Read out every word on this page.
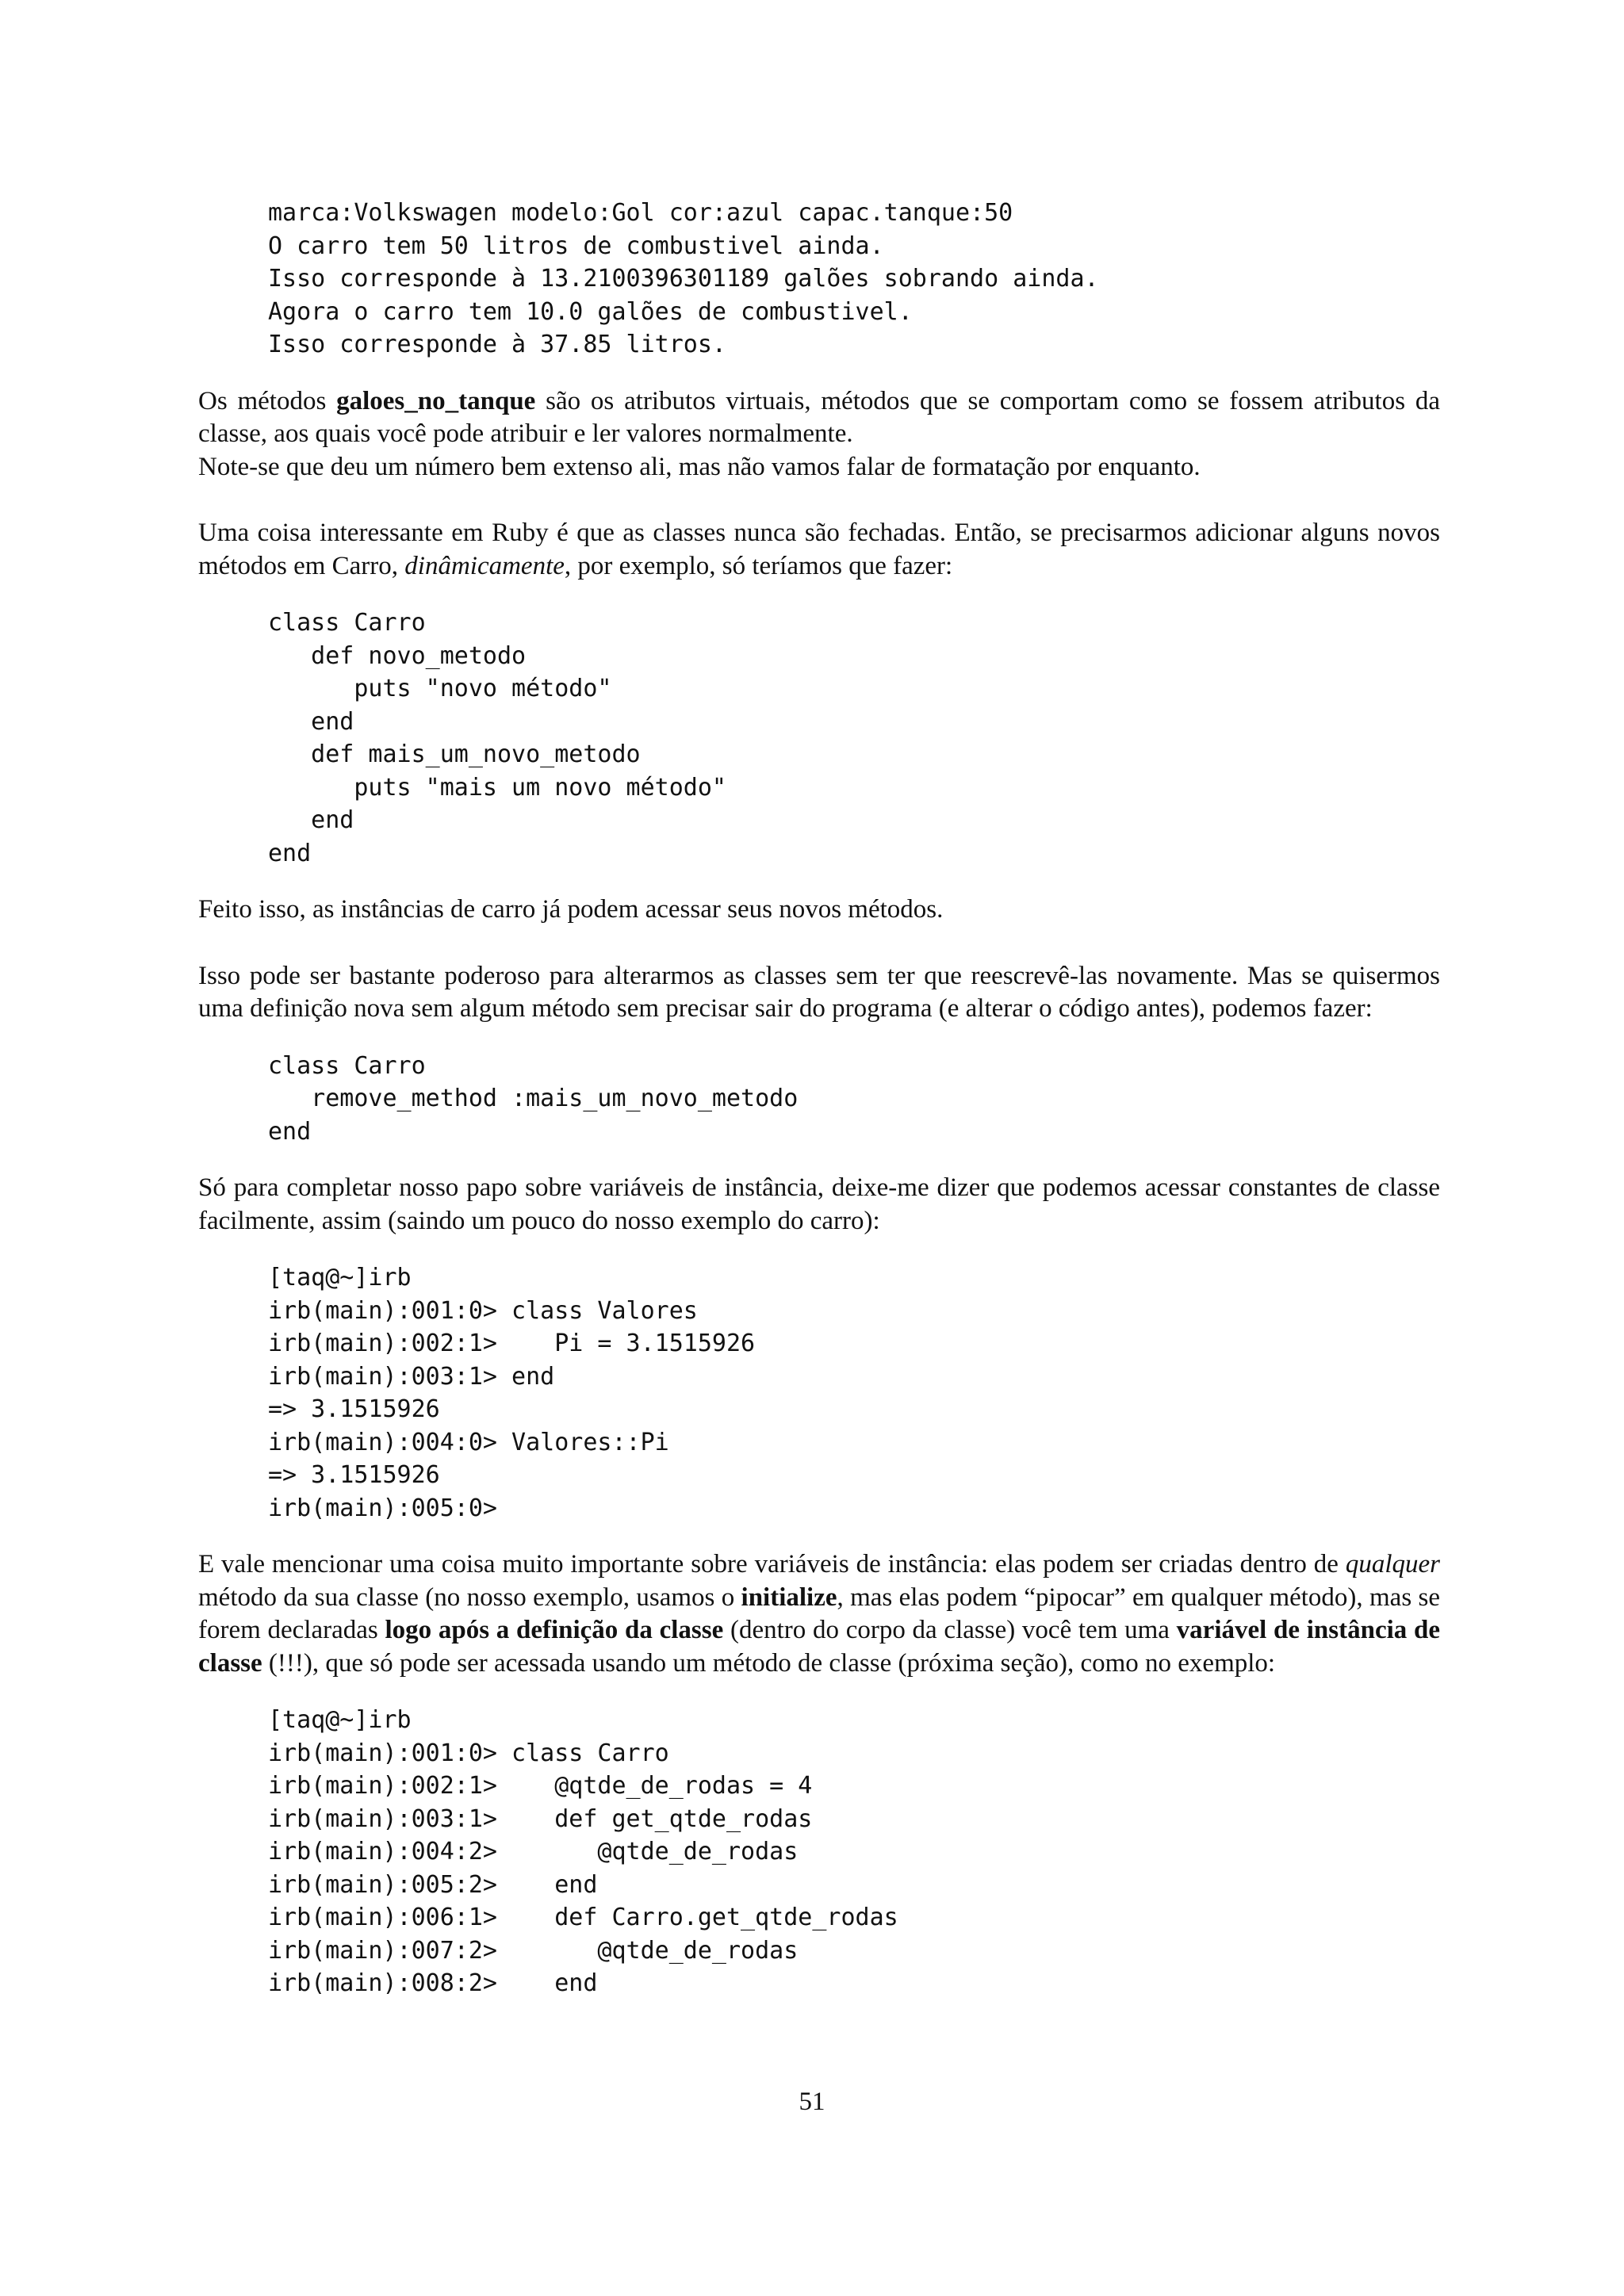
marca:Volkswagen modelo:Gol cor:azul capac.tanque:50
O carro tem 50 litros de combustivel ainda.
Isso corresponde à 13.2100396301189 galões sobrando ainda.
Agora o carro tem 10.0 galões de combustivel.
Isso corresponde à 37.85 litros.

Os métodos galoes_no_tanque são os atributos virtuais, métodos que se comportam como se fossem atributos da classe, aos quais você pode atribuir e ler valores normalmente.
Note-se que deu um número bem extenso ali, mas não vamos falar de formatação por enquanto.

Uma coisa interessante em Ruby é que as classes nunca são fechadas. Então, se precisarmos adicionar alguns novos métodos em Carro, dinâmicamente, por exemplo, só teríamos que fazer:

class Carro
def novo_metodo
puts "novo método"
end
def mais_um_novo_metodo
puts "mais um novo método"
end
end

Feito isso, as instâncias de carro já podem acessar seus novos métodos.

Isso pode ser bastante poderoso para alterarmos as classes sem ter que reescrevê-las novamente. Mas se quisermos uma definição nova sem algum método sem precisar sair do programa (e alterar o código antes), podemos fazer:

class Carro
remove_method :mais_um_novo_metodo
end

Só para completar nosso papo sobre variáveis de instância, deixe-me dizer que podemos acessar constantes de classe facilmente, assim (saindo um pouco do nosso exemplo do carro):

[taq@~]irb
irb(main):001:0> class Valores
irb(main):002:1>    Pi = 3.1515926
irb(main):003:1> end
=> 3.1515926
irb(main):004:0> Valores::Pi
=> 3.1515926
irb(main):005:0>

E vale mencionar uma coisa muito importante sobre variáveis de instância: elas podem ser criadas dentro de qualquer método da sua classe (no nosso exemplo, usamos o initialize, mas elas podem “pipocar” em qualquer método), mas se forem declaradas logo após a definição da classe (dentro do corpo da classe) você tem uma variável de instância de classe (!!!), que só pode ser acessada usando um método de classe (próxima seção), como no exemplo:

[taq@~]irb
irb(main):001:0> class Carro
irb(main):002:1>    @qtde_de_rodas = 4
irb(main):003:1>    def get_qtde_rodas
irb(main):004:2>       @qtde_de_rodas
irb(main):005:2>    end
irb(main):006:1>    def Carro.get_qtde_rodas
irb(main):007:2>       @qtde_de_rodas
irb(main):008:2>    end
51
